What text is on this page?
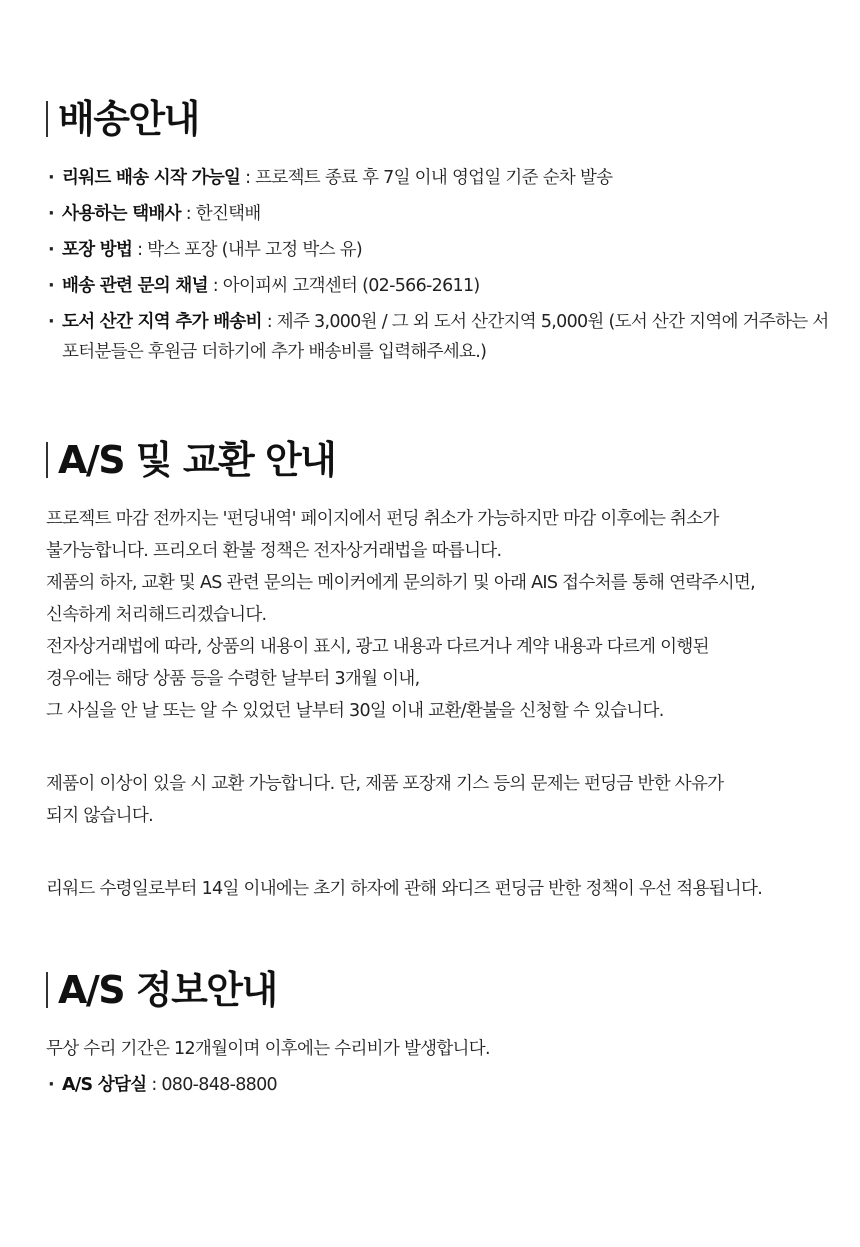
배송안내
· 리워드 배송 시작 가능일 : 프로젝트 종료 후 7일 이내 영업일 기준 순차 발송
· 사용하는 택배사 : 한진택배
· 포장 방법 : 박스 포장 (내부 고정 박스 유)
· 배송 관련 문의 채널 : 아이피씨 고객센터 (02-566-2611)
· 도서 산간 지역 추가 배송비 : 제주 3,000원 / 그 외 도서 산간지역 5,000원 (도서 산간 지역에 거주하는 서포터분들은 후원금 더하기에 추가 배송비를 입력해주세요.)
A/S 및 교환 안내

프로젝트 마감 전까지는 '펀딩내역' 페이지에서 펀딩 취소가 가능하지만 마감 이후에는 취소가
불가능합니다. 프리오더 환불 정책은 전자상거래법을 따릅니다.
제품의 하자, 교환 및 AS 관련 문의는 메이커에게 문의하기 및 아래 AIS 접수처를 통해 연락주시면,
신속하게 처리해드리겠습니다.
전자상거래법에 따라, 상품의 내용이 표시, 광고 내용과 다르거나 계약 내용과 다르게 이행된
경우에는 해당 상품 등을 수령한 날부터 3개월 이내,
그 사실을 안 날 또는 알 수 있었던 날부터 30일 이내 교환/환불을 신청할 수 있습니다.

제품이 이상이 있을 시 교환 가능합니다. 단, 제품 포장재 기스 등의 문제는 펀딩금 반한 사유가
되지 않습니다.

리워드 수령일로부터 14일 이내에는 초기 하자에 관해 와디즈 펀딩금 반한 정책이 우선 적용됩니다.

A/S 정보안내

무상 수리 기간은 12개월이며 이후에는 수리비가 발생합니다.

· A/S 상담실 : 080-848-8800
